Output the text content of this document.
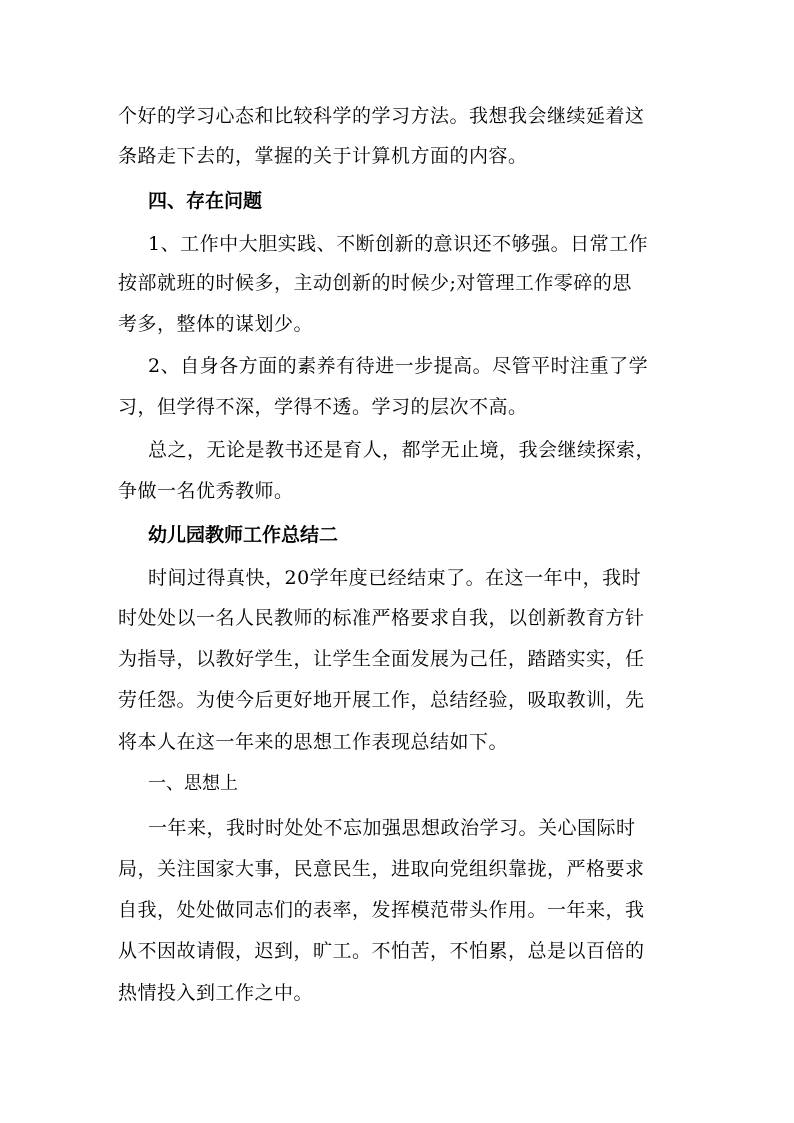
个好的学习心态和比较科学的学习方法。我想我会继续延着这
条路走下去的，掌握的关于计算机方面的内容。
四、存在问题
1、工作中大胆实践、不断创新的意识还不够强。日常工作
按部就班的时候多，主动创新的时候少;对管理工作零碎的思
考多，整体的谋划少。
2、自身各方面的素养有待进一步提高。尽管平时注重了学
习，但学得不深，学得不透。学习的层次不高。
总之，无论是教书还是育人，都学无止境，我会继续探索，
争做一名优秀教师。
幼儿园教师工作总结二
时间过得真快，20学年度已经结束了。在这一年中，我时
时处处以一名人民教师的标准严格要求自我，以创新教育方针
为指导，以教好学生，让学生全面发展为己任，踏踏实实，任
劳任怨。为使今后更好地开展工作，总结经验，吸取教训，先
将本人在这一年来的思想工作表现总结如下。
一、思想上
一年来，我时时处处不忘加强思想政治学习。关心国际时
局，关注国家大事，民意民生，进取向党组织靠拢，严格要求
自我，处处做同志们的表率，发挥模范带头作用。一年来，我
从不因故请假，迟到，旷工。不怕苦，不怕累，总是以百倍的
热情投入到工作之中。
